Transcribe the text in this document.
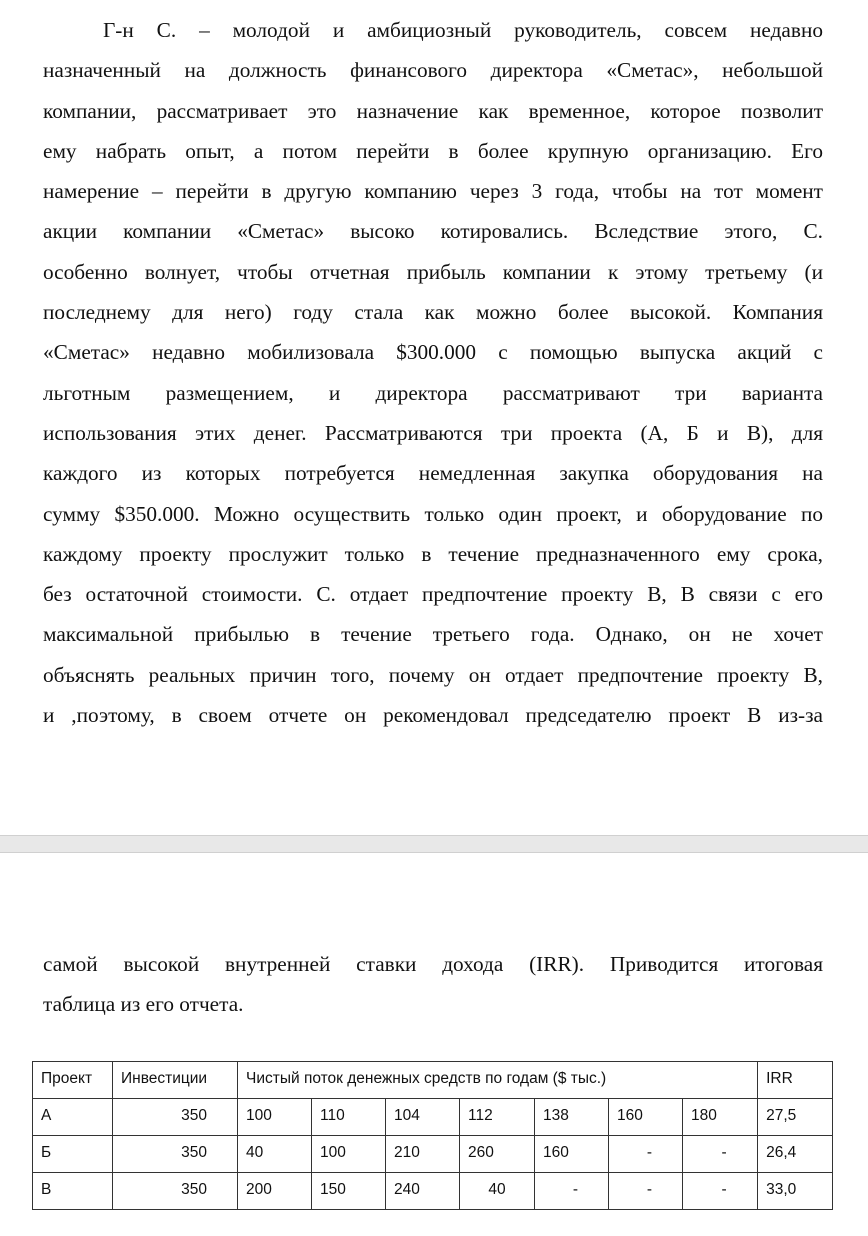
Г-н С. – молодой и амбициозный руководитель, совсем недавно
назначенный на должность финансового директора «Сметас», небольшой
компании, рассматривает это назначение как временное, которое позволит
ему набрать опыт, а потом перейти в более крупную организацию. Его
намерение – перейти в другую компанию через 3 года, чтобы на тот момент
акции компании «Сметас» высоко котировались. Вследствие этого, С.
особенно волнует, чтобы отчетная прибыль компании к этому третьему (и
последнему для него) году стала как можно более высокой. Компания
«Сметас» недавно мобилизовала $300.000 с помощью выпуска акций с
льготным размещением, и директора рассматривают три варианта
использования этих денег. Рассматриваются три проекта (А, Б и В), для
каждого из которых потребуется немедленная закупка оборудования на
сумму $350.000. Можно осуществить только один проект, и оборудование по
каждому проекту прослужит только в течение предназначенного ему срока,
без остаточной стоимости. С. отдает предпочтение проекту В, В связи с его
максимальной прибылью в течение третьего года. Однако, он не хочет
объяснять реальных причин того, почему он отдает предпочтение проекту В,
и ,поэтому, в своем отчете он рекомендовал председателю проект В из-за

самой высокой внутренней ставки дохода (IRR). Приводится итоговая
таблица из его отчета.

Проект	Инвестиции	Чистый поток денежных средств по годам ($ тыс.)							IRR
А	350	100	110	104	112	138	160	180	27,5
Б	350	40	100	210	260	160	-	-	26,4
В	350	200	150	240	40	-	-	-	33,0
